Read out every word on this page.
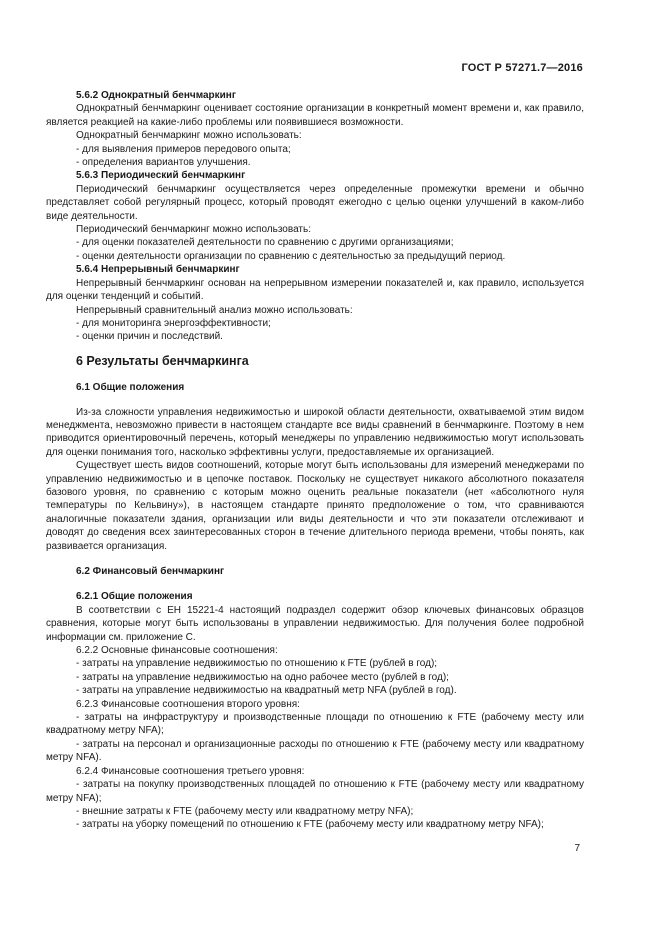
ГОСТ Р 57271.7—2016

5.6.2 Однократный бенчмаркинг

Однократный бенчмаркинг оценивает состояние организации в конкретный момент времени и, как правило, является реакцией на какие-либо проблемы или появившиеся возможности.

Однократный бенчмаркинг можно использовать:

- для выявления примеров передового опыта;

- определения вариантов улучшения.

5.6.3 Периодический бенчмаркинг

Периодический бенчмаркинг осуществляется через определенные промежутки времени и обычно представляет собой регулярный процесс, который проводят ежегодно с целью оценки улучшений в каком-либо виде деятельности.

Периодический бенчмаркинг можно использовать:

- для оценки показателей деятельности по сравнению с другими организациями;

- оценки деятельности организации по сравнению с деятельностью за предыдущий период.

5.6.4 Непрерывный бенчмаркинг

Непрерывный бенчмаркинг основан на непрерывном измерении показателей и, как правило, используется для оценки тенденций и событий.

Непрерывный сравнительный анализ можно использовать:

- для мониторинга энергоэффективности;

- оценки причин и последствий.

6 Результаты бенчмаркинга

6.1 Общие положения

Из-за сложности управления недвижимостью и широкой области деятельности, охватываемой этим видом менеджмента, невозможно привести в настоящем стандарте все виды сравнений в бенчмаркинге. Поэтому в нем приводится ориентировочный перечень, который менеджеры по управлению недвижимостью могут использовать для оценки понимания того, насколько эффективны услуги, предоставляемые их организацией.

Существует шесть видов соотношений, которые могут быть использованы для измерений менеджерами по управлению недвижимостью и в цепочке поставок. Поскольку не существует никакого абсолютного показателя базового уровня, по сравнению с которым можно оценить реальные показатели (нет «абсолютного нуля температуры по Кельвину»), в настоящем стандарте принято предположение о том, что сравниваются аналогичные показатели здания, организации или виды деятельности и что эти показатели отслеживают и доводят до сведения всех заинтересованных сторон в течение длительного периода времени, чтобы понять, как развивается организация.

6.2 Финансовый бенчмаркинг

6.2.1 Общие положения

В соответствии с ЕН 15221-4 настоящий подраздел содержит обзор ключевых финансовых образцов сравнения, которые могут быть использованы в управлении недвижимостью. Для получения более подробной информации см. приложение С.

6.2.2 Основные финансовые соотношения:

- затраты на управление недвижимостью по отношению к FTE (рублей в год);

- затраты на управление недвижимостью на одно рабочее место (рублей в год);

- затраты на управление недвижимостью на квадратный метр NFA (рублей в год).

6.2.3 Финансовые соотношения второго уровня:

- затраты на инфраструктуру и производственные площади по отношению к FTE (рабочему месту или квадратному метру NFA);

- затраты на персонал и организационные расходы по отношению к FTE (рабочему месту или квадратному метру NFA).

6.2.4 Финансовые соотношения третьего уровня:

- затраты на покупку производственных площадей по отношению к FTE (рабочему месту или квадратному метру NFA);

- внешние затраты к FTE (рабочему месту или квадратному метру NFA);

- затраты на уборку помещений по отношению к FTE (рабочему месту или квадратному метру NFA);

7
